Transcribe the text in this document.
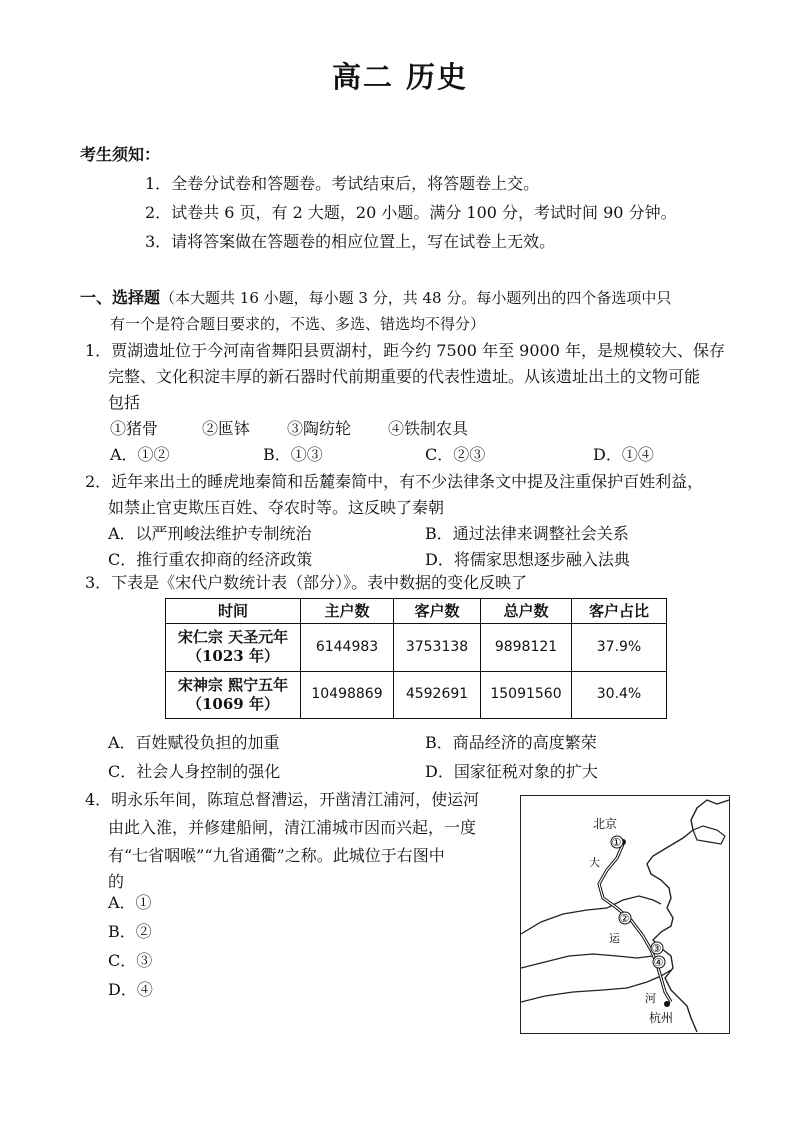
高二 历史
考生须知：
1．全卷分试卷和答题卷。考试结束后，将答题卷上交。
2．试卷共 6 页，有 2 大题，20 小题。满分 100 分，考试时间 90 分钟。
3．请将答案做在答题卷的相应位置上，写在试卷上无效。
一、选择题（本大题共 16 小题，每小题 3 分，共 48 分。每小题列出的四个备选项中只
有一个是符合题目要求的，不选、多选、错选均不得分）
1．贾湖遗址位于今河南省舞阳县贾湖村，距今约 7500 年至 9000 年，是规模较大、保存
完整、文化积淀丰厚的新石器时代前期重要的代表性遗址。从该遗址出土的文物可能
包括
①猪骨	②匜钵 ③陶纺轮 ④铁制农具
A．①②	B．①③	C．②③	D．①④
2．近年来出土的睡虎地秦简和岳麓秦简中，有不少法律条文中提及注重保护百姓利益，
如禁止官吏欺压百姓、夺农时等。这反映了秦朝
A．以严刑峻法维护专制统治	B．通过法律来调整社会关系
C．推行重农抑商的经济政策	D．将儒家思想逐步融入法典
3．下表是《宋代户数统计表（部分）》。表中数据的变化反映了
时间	主户数	客户数	总户数	客户占比

宋仁宗 天圣元年
（1023 年）	6144983	3753138	9898121	37.9%

宋神宗 熙宁五年
（1069 年）	10498869	4592691	15091560	30.4%
A．百姓赋役负担的加重	B．商品经济的高度繁荣
C．社会人身控制的强化	D．国家征税对象的扩大
4．明永乐年间，陈瑄总督漕运，开凿清江浦河，使运河
由此入淮，并修建船闸，清江浦城市因而兴起，一度
有“七省咽喉”“九省通衢”之称。此城位于右图中
的
A．①
B．②
C．③
D．④
北京
①
大
运
②
③
④
河
杭州
